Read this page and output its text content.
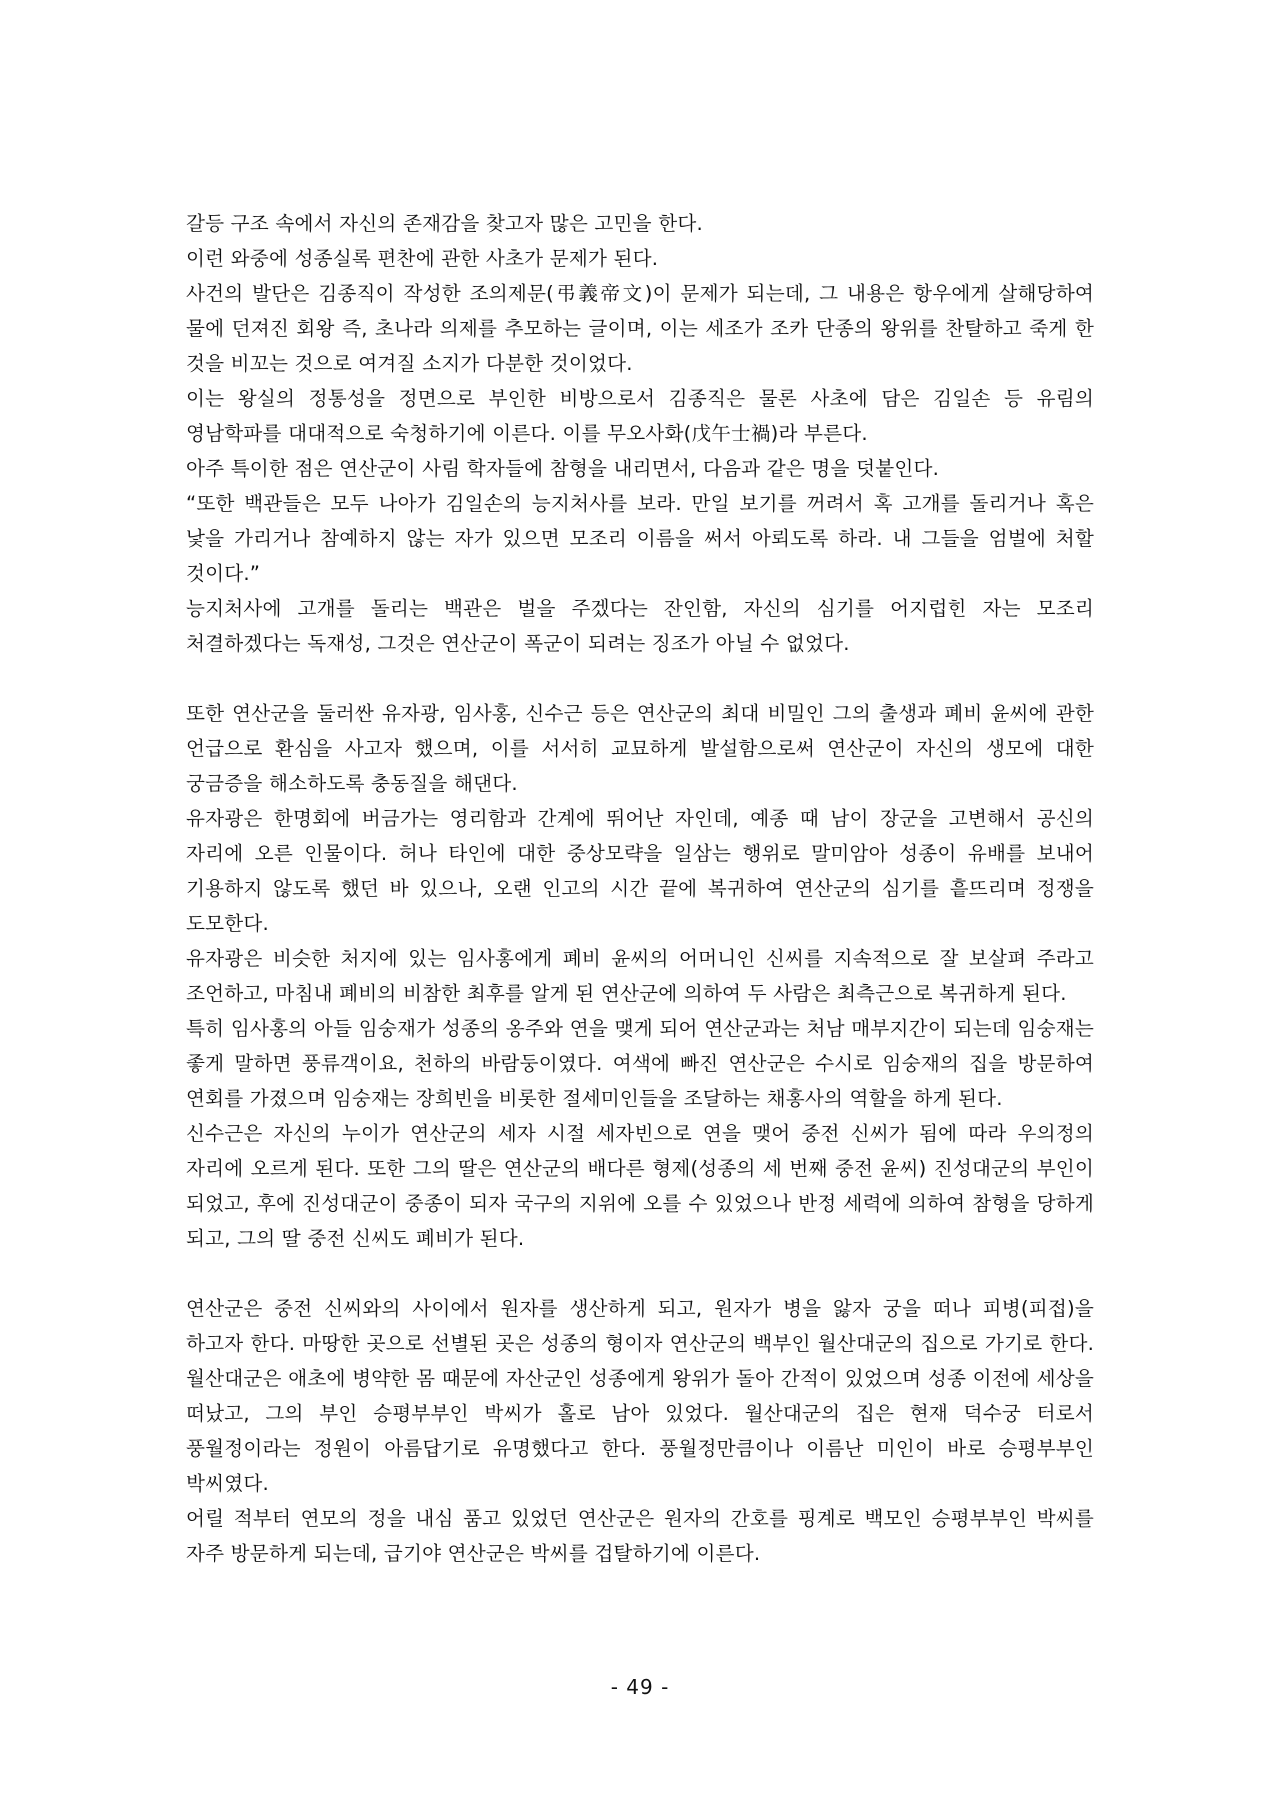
갈등 구조 속에서 자신의 존재감을 찾고자 많은 고민을 한다.

이런 와중에 성종실록 편찬에 관한 사초가 문제가 된다.

사건의 발단은 김종직이 작성한 조의제문(弔義帝文)이 문제가 되는데, 그 내용은 항우에게 살해당하여 물에 던져진 회왕 즉, 초나라 의제를 추모하는 글이며, 이는 세조가 조카 단종의 왕위를 찬탈하고 죽게 한 것을 비꼬는 것으로 여겨질 소지가 다분한 것이었다.

이는 왕실의 정통성을 정면으로 부인한 비방으로서 김종직은 물론 사초에 담은 김일손 등 유림의 영남학파를 대대적으로 숙청하기에 이른다. 이를 무오사화(戊午士禍)라 부른다.

아주 특이한 점은 연산군이 사림 학자들에 참형을 내리면서, 다음과 같은 명을 덧붙인다.

“또한 백관들은 모두 나아가 김일손의 능지처사를 보라. 만일 보기를 꺼려서 혹 고개를 돌리거나 혹은 낯을 가리거나 참예하지 않는 자가 있으면 모조리 이름을 써서 아뢰도록 하라. 내 그들을 엄벌에 처할 것이다.”

능지처사에 고개를 돌리는 백관은 벌을 주겠다는 잔인함, 자신의 심기를 어지럽힌 자는 모조리 처결하겠다는 독재성, 그것은 연산군이 폭군이 되려는 징조가 아닐 수 없었다.

또한 연산군을 둘러싼 유자광, 임사홍, 신수근 등은 연산군의 최대 비밀인 그의 출생과 폐비 윤씨에 관한 언급으로 환심을 사고자 했으며, 이를 서서히 교묘하게 발설함으로써 연산군이 자신의 생모에 대한 궁금증을 해소하도록 충동질을 해댄다.

유자광은 한명회에 버금가는 영리함과 간계에 뛰어난 자인데, 예종 때 남이 장군을 고변해서 공신의 자리에 오른 인물이다. 허나 타인에 대한 중상모략을 일삼는 행위로 말미암아 성종이 유배를 보내어 기용하지 않도록 했던 바 있으나, 오랜 인고의 시간 끝에 복귀하여 연산군의 심기를 흩뜨리며 정쟁을 도모한다.

유자광은 비슷한 처지에 있는 임사홍에게 폐비 윤씨의 어머니인 신씨를 지속적으로 잘 보살펴 주라고 조언하고, 마침내 폐비의 비참한 최후를 알게 된 연산군에 의하여 두 사람은 최측근으로 복귀하게 된다.

특히 임사홍의 아들 임숭재가 성종의 옹주와 연을 맺게 되어 연산군과는 처남 매부지간이 되는데 임숭재는 좋게 말하면 풍류객이요, 천하의 바람둥이였다. 여색에 빠진 연산군은 수시로 임숭재의 집을 방문하여 연회를 가졌으며 임숭재는 장희빈을 비롯한 절세미인들을 조달하는 채홍사의 역할을 하게 된다.

신수근은 자신의 누이가 연산군의 세자 시절 세자빈으로 연을 맺어 중전 신씨가 됨에 따라 우의정의 자리에 오르게 된다. 또한 그의 딸은 연산군의 배다른 형제(성종의 세 번째 중전 윤씨) 진성대군의 부인이 되었고, 후에 진성대군이 중종이 되자 국구의 지위에 오를 수 있었으나 반정 세력에 의하여 참형을 당하게 되고, 그의 딸 중전 신씨도 폐비가 된다.

연산군은 중전 신씨와의 사이에서 원자를 생산하게 되고, 원자가 병을 앓자 궁을 떠나 피병(피접)을 하고자 한다. 마땅한 곳으로 선별된 곳은 성종의 형이자 연산군의 백부인 월산대군의 집으로 가기로 한다. 월산대군은 애초에 병약한 몸 때문에 자산군인 성종에게 왕위가 돌아 간적이 있었으며 성종 이전에 세상을 떠났고, 그의 부인 승평부부인 박씨가 홀로 남아 있었다. 월산대군의 집은 현재 덕수궁 터로서 풍월정이라는 정원이 아름답기로 유명했다고 한다. 풍월정만큼이나 이름난 미인이 바로 승평부부인 박씨였다.

어릴 적부터 연모의 정을 내심 품고 있었던 연산군은 원자의 간호를 핑계로 백모인 승평부부인 박씨를 자주 방문하게 되는데, 급기야 연산군은 박씨를 겁탈하기에 이른다.

- 49 -
